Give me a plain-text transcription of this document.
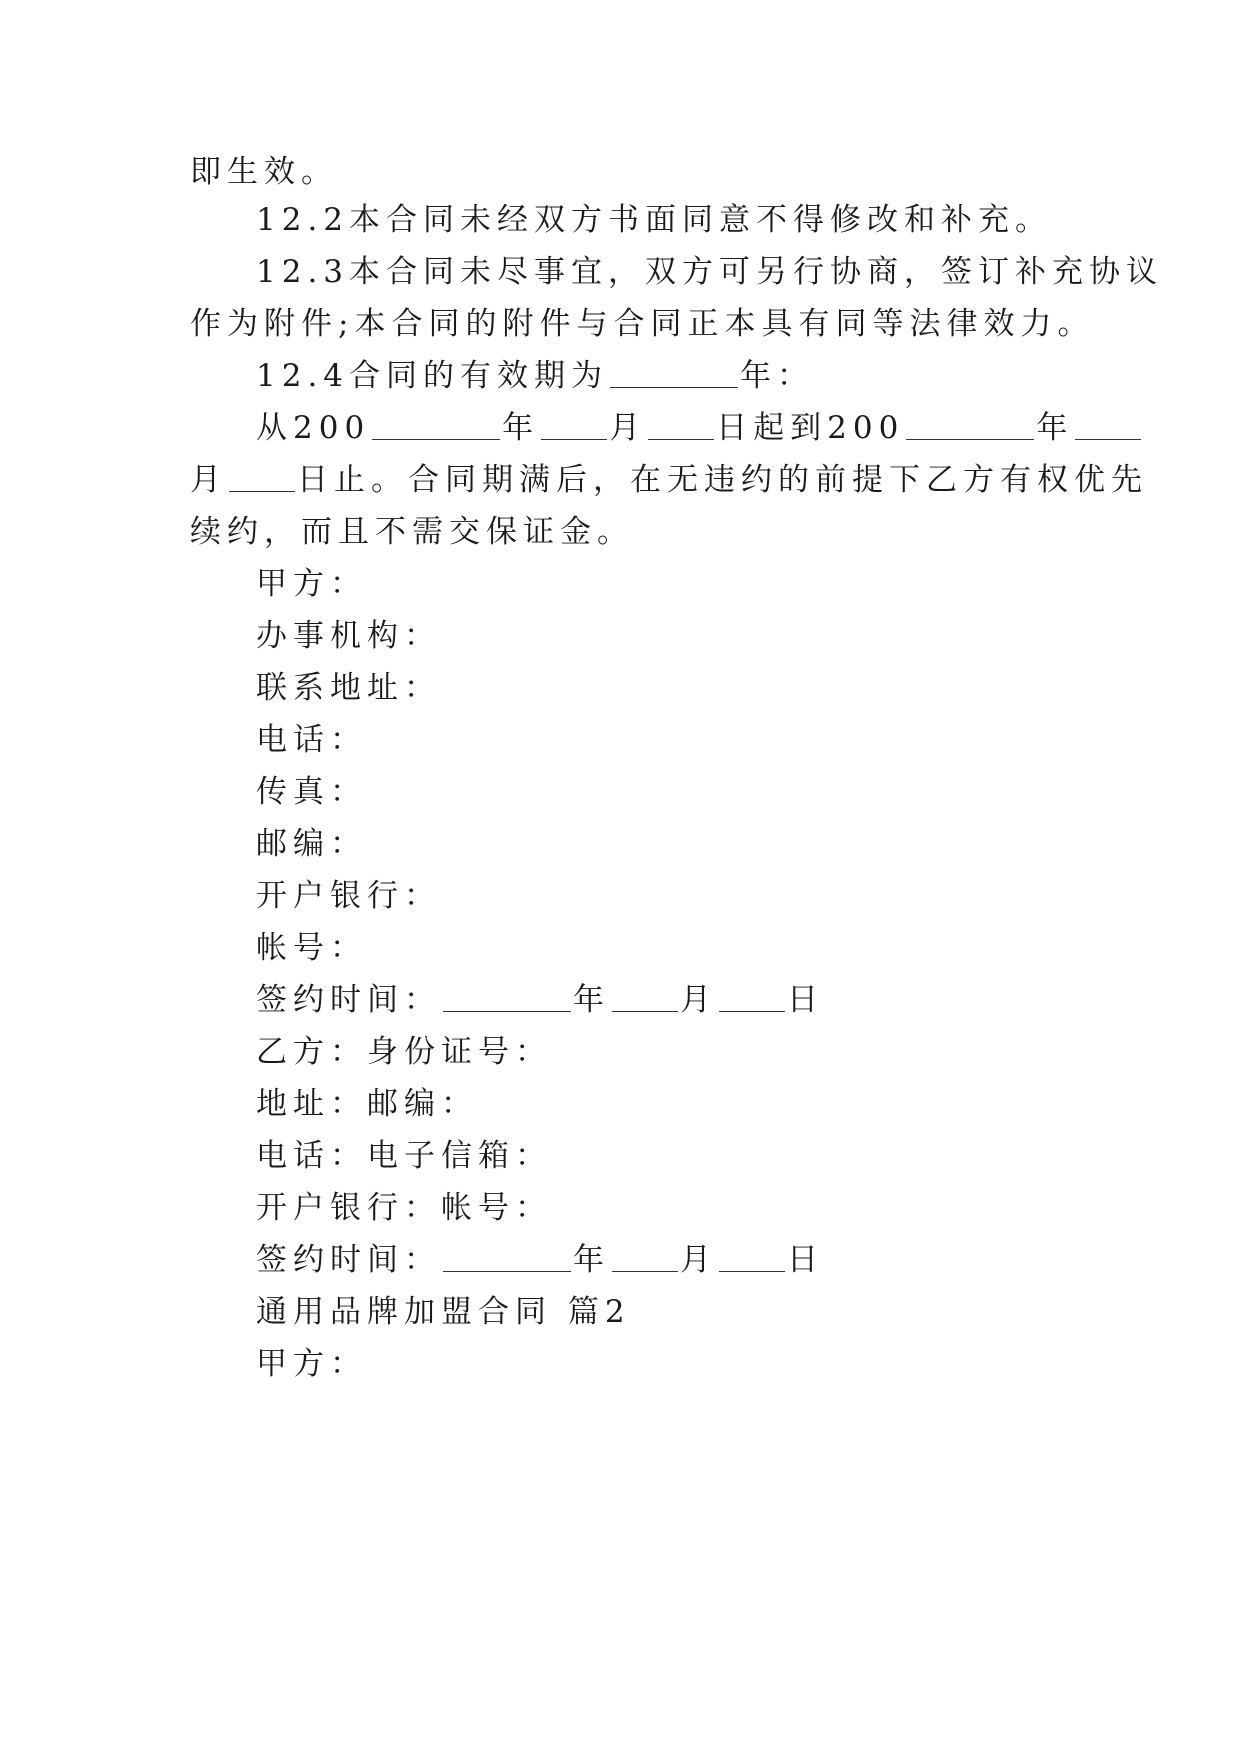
即生效。
12.2本合同未经双方书面同意不得修改和补充。
12.3本合同未尽事宜，双方可另行协商，签订补充协议
作为附件;本合同的附件与合同正本具有同等法律效力。
12.4合同的有效期为	年：
从200	年 月 日起到200	年
月 日止。合同期满后，在无违约的前提下乙方有权优先
续约，而且不需交保证金。
甲方：
办事机构：
联系地址：
电话：
传真：
邮编：
开户银行：
帐号：
签约时间：	年 月 日
乙方：身份证号：
地址：邮编：
电话：电子信箱：
开户银行：帐号：
签约时间：	年 月 日
通用品牌加盟合同 篇2
甲方：
